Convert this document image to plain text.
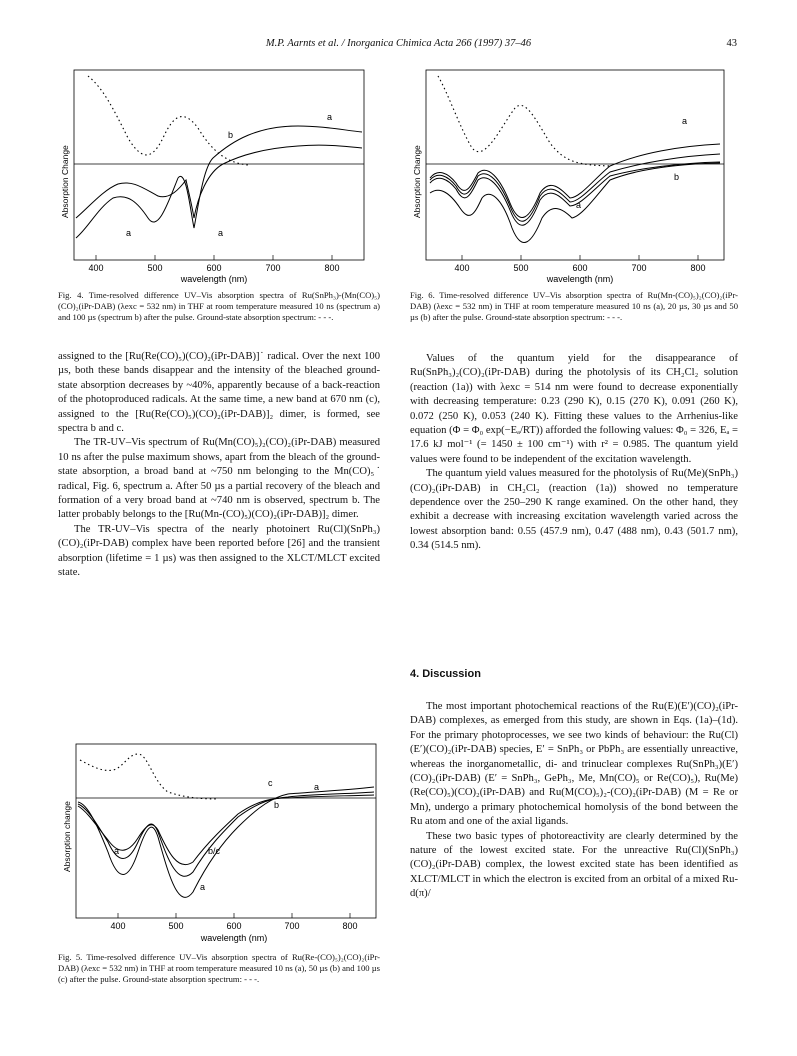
M.P. Aarnts et al. / Inorganica Chimica Acta 266 (1997) 37–46	43
a
b
a	a
Absorption Change
400	500	600	700	800
wavelength (nm)
Fig. 4. Time-resolved difference UV–Vis absorption spectra of Ru(SnPh₃)-(Mn(CO)₅)(CO)₂(iPr-DAB) (λexc = 532 nm) in THF at room temperature measured 10 ns (spectrum a) and 100 µs (spectrum b) after the pulse. Ground-state absorption spectrum: - - -.
a
b
a
Absorption Change
400	500	600	700	800
wavelength (nm)
Fig. 6. Time-resolved difference UV–Vis absorption spectra of Ru(Mn-(CO)₅)₂(CO)₂(iPr-DAB) (λexc = 532 nm) in THF at room temperature measured 10 ns (a), 20 µs, 30 µs and 50 µs (b) after the pulse. Ground-state absorption spectrum: - - -.

assigned to the [Ru(Re(CO)₅)(CO)₂(iPr-DAB)]˙ radical. Over the next 100 µs, both these bands disappear and the intensity of the bleached ground-state absorption decreases by ~40%, apparently because of a back-reaction of the photoproduced radicals. At the same time, a new band at 670 nm (c), assigned to the [Ru(Re(CO)₅)(CO)₂(iPr-DAB)]₂ dimer, is formed, see spectra b and c.

The TR-UV–Vis spectrum of Ru(Mn(CO)₅)₂(CO)₂(iPr-DAB) measured 10 ns after the pulse maximum shows, apart from the bleach of the ground-state absorption, a broad band at ~750 nm belonging to the Mn(CO)₅˙ radical, Fig. 6, spectrum a. After 50 µs a partial recovery of the bleach and formation of a very broad band at ~740 nm is observed, spectrum b. The latter probably belongs to the [Ru(Mn-(CO)₅)(CO)₂(iPr-DAB)]₂ dimer.

The TR-UV–Vis spectra of the nearly photoinert Ru(Cl)(SnPh₃)(CO)₂(iPr-DAB) complex have been reported before [26] and the transient absorption (lifetime = 1 µs) was then assigned to the XLCT/MLCT excited state.

c	a
b
a	b/c
a
Absorption change
400	500	600	700	800
wavelength (nm)
Fig. 5. Time-resolved difference UV–Vis absorption spectra of Ru(Re-(CO)₅)₂(CO)₂(iPr-DAB) (λexc = 532 nm) in THF at room temperature measured 10 ns (a), 50 µs (b) and 100 µs (c) after the pulse. Ground-state absorption spectrum: - - -.

Values of the quantum yield for the disappearance of Ru(SnPh₃)₂(CO)₂(iPr-DAB) during the photolysis of its CH₂Cl₂ solution (reaction (1a)) with λexc = 514 nm were found to decrease exponentially with decreasing temperature: 0.23 (290 K), 0.15 (270 K), 0.091 (260 K), 0.072 (250 K), 0.053 (240 K). Fitting these values to the Arrhenius-like equation (Φ = Φ₀ exp(−Eₐ/RT)) afforded the following values: Φ₀ = 326, Eₐ = 17.6 kJ mol⁻¹ (= 1450 ± 100 cm⁻¹) with r² = 0.985. The quantum yield values were found to be independent of the excitation wavelength.

The quantum yield values measured for the photolysis of Ru(Me)(SnPh₃)(CO)₂(iPr-DAB) in CH₂Cl₂ (reaction (1a)) showed no temperature dependence over the 250–290 K range examined. On the other hand, they exhibit a decrease with increasing excitation wavelength varied across the lowest absorption band: 0.55 (457.9 nm), 0.47 (488 nm), 0.43 (501.7 nm), 0.34 (514.5 nm).

4. Discussion

The most important photochemical reactions of the Ru(E)(E′)(CO)₂(iPr-DAB) complexes, as emerged from this study, are shown in Eqs. (1a)–(1d). For the primary photoprocesses, we see two kinds of behaviour: the Ru(Cl)(E′)(CO)₂(iPr-DAB) species, E′ = SnPh₃ or PbPh₃ are essentially unreactive, whereas the inorganometallic, di- and trinuclear complexes Ru(SnPh₃)(E′)(CO)₂(iPr-DAB) (E′ = SnPh₃, GePh₃, Me, Mn(CO)₅ or Re(CO)₅), Ru(Me)(Re(CO)₅)(CO)₂(iPr-DAB) and Ru(M(CO)₅)₂-(CO)₂(iPr-DAB) (M = Re or Mn), undergo a primary photochemical homolysis of the bond between the Ru atom and one of the axial ligands.

These two basic types of photoreactivity are clearly determined by the nature of the lowest excited state. For the unreactive Ru(Cl)(SnPh₃)(CO)₂(iPr-DAB) complex, the lowest excited state has been identified as XLCT/MLCT in which the electron is excited from an orbital of a mixed Ru-d(π)/
